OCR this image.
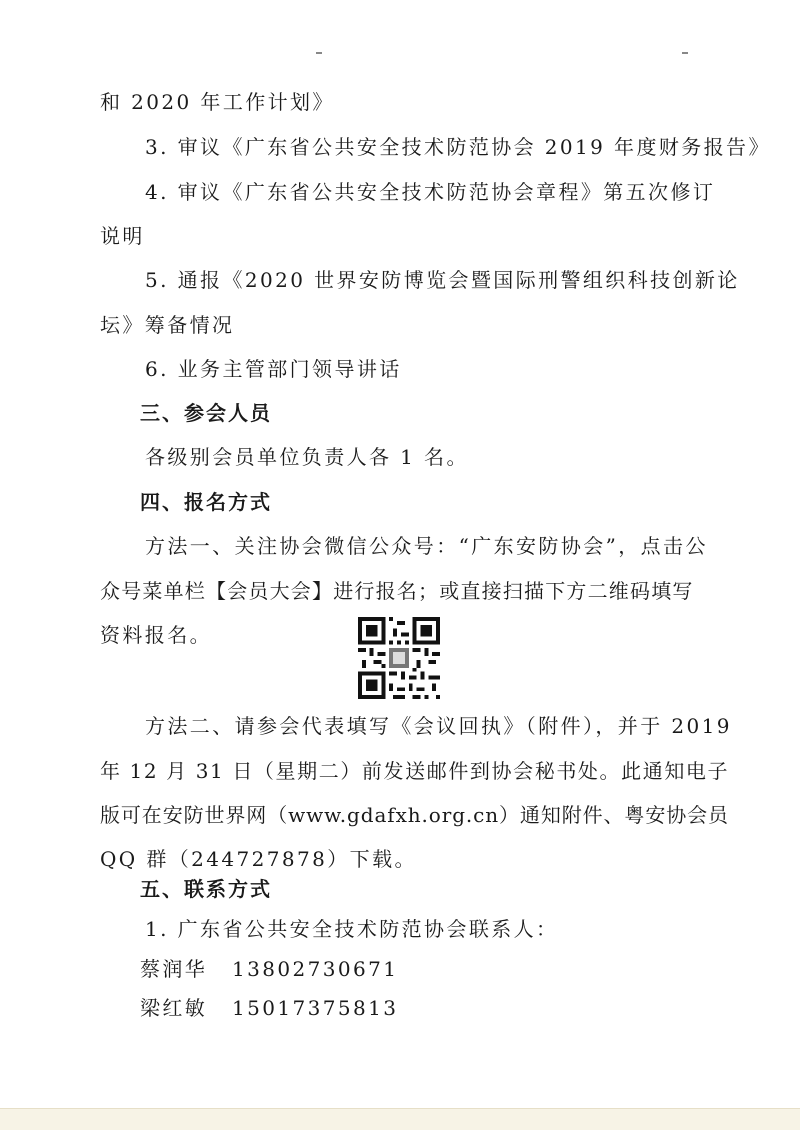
和 2020 年工作计划》
3. 审议《广东省公共安全技术防范协会 2019 年度财务报告》
4. 审议《广东省公共安全技术防范协会章程》第五次修订
说明
5. 通报《2020 世界安防博览会暨国际刑警组织科技创新论
坛》筹备情况
6. 业务主管部门领导讲话
三、参会人员
各级别会员单位负责人各 1 名。
四、报名方式
方法一、关注协会微信公众号：“广东安防协会”，点击公
众号菜单栏【会员大会】进行报名；或直接扫描下方二维码填写
资料报名。
方法二、请参会代表填写《会议回执》（附件），并于 2019
年 12 月 31 日（星期二）前发送邮件到协会秘书处。此通知电子
版可在安防世界网（www.gdafxh.org.cn）通知附件、粤安协会员
QQ 群（244727878）下载。
五、联系方式
1. 广东省公共安全技术防范协会联系人：
蔡润华	13802730671
梁红敏	15017375813
